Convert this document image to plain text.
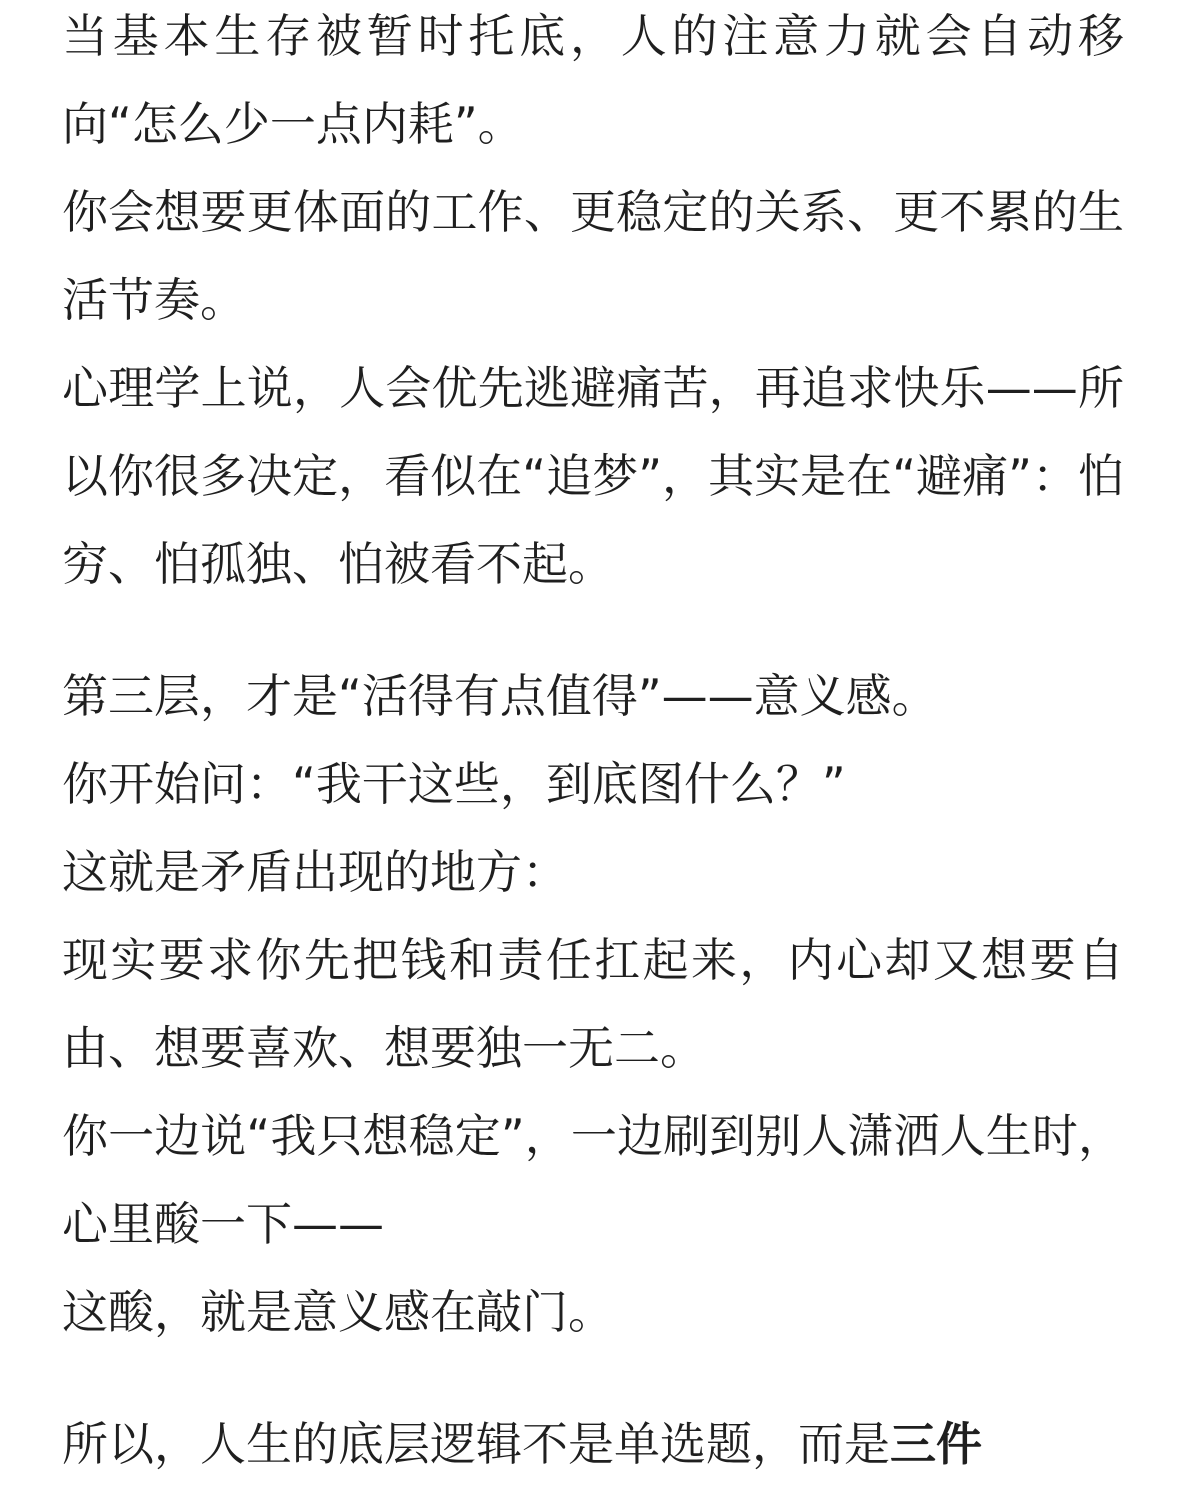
当基本生存被暂时托底，人的注意力就会自动移向“怎么少一点内耗”。

你会想要更体面的工作、更稳定的关系、更不累的生活节奏。

心理学上说，人会优先逃避痛苦，再追求快乐——所以你很多决定，看似在“追梦”，其实是在“避痛”：怕穷、怕孤独、怕被看不起。

第三层，才是“活得有点值得”——意义感。

你开始问：“我干这些，到底图什么？”

这就是矛盾出现的地方：

现实要求你先把钱和责任扛起来，内心却又想要自由、想要喜欢、想要独一无二。

你一边说“我只想稳定”，一边刷到别人潇洒人生时，心里酸一下——

这酸，就是意义感在敲门。

所以，人生的底层逻辑不是单选题，而是三件
